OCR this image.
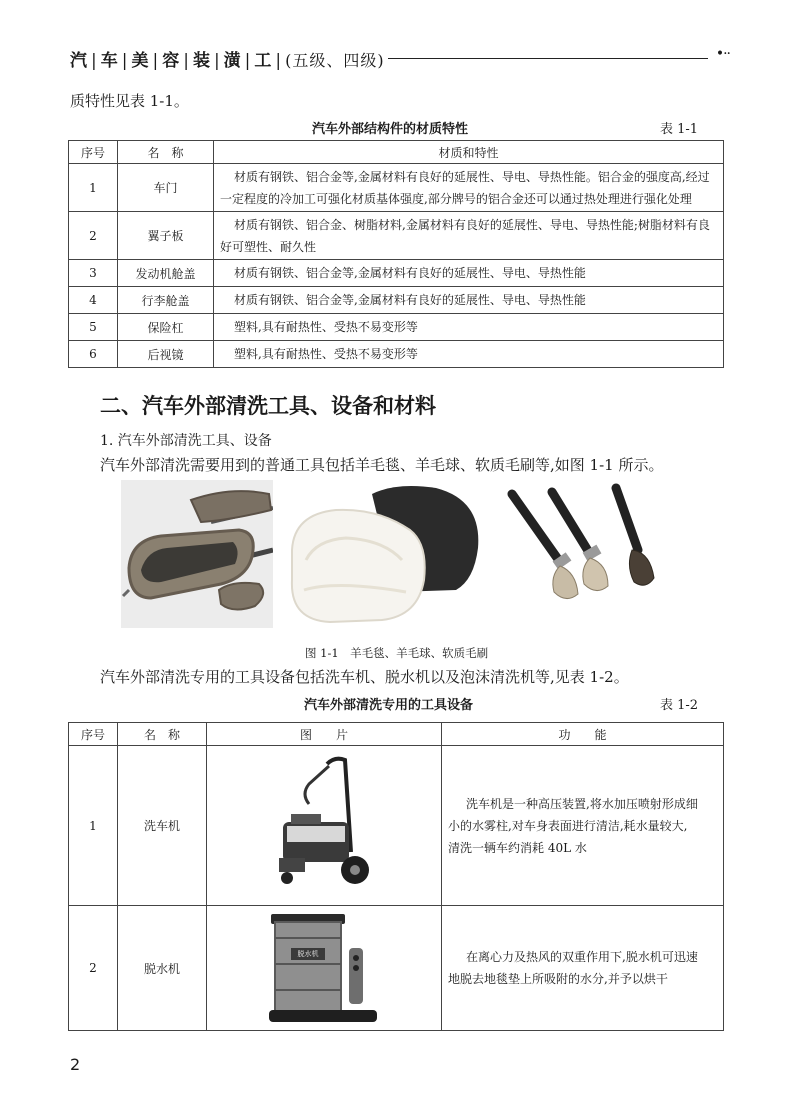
汽 | 车 | 美 | 容 | 装 | 潢 | 工 | (五级、四级)	•··
质特性见表 1-1。
汽车外部结构件的材质特性	表 1-1
序号	名　称	材质和特性
1	车门	材质有钢铁、铝合金等,金属材料有良好的延展性、导电、导热性能。铝合金的强度高,经过
一定程度的冷加工可强化材质基体强度,部分牌号的铝合金还可以通过热处理进行强化处理

2	翼子板	材质有钢铁、铝合金、树脂材料,金属材料有良好的延展性、导电、导热性能;树脂材料有良
好可塑性、耐久性

3	发动机舱盖	材质有钢铁、铝合金等,金属材料有良好的延展性、导电、导热性能
4	行李舱盖	材质有钢铁、铝合金等,金属材料有良好的延展性、导电、导热性能
5	保险杠	塑料,具有耐热性、受热不易变形等
6	后视镜	塑料,具有耐热性、受热不易变形等
二、汽车外部清洗工具、设备和材料
1. 汽车外部清洗工具、设备
汽车外部清洗需要用到的普通工具包括羊毛毯、羊毛球、软质毛刷等,如图 1-1 所示。
图 1-1　羊毛毯、羊毛球、软质毛刷
汽车外部清洗专用的工具设备包括洗车机、脱水机以及泡沫清洗机等,见表 1-2。
汽车外部清洗专用的工具设备	表 1-2
序号	名　称	图　　片	功　　能
1	洗车机		洗车机是一种高压装置,将水加压喷射形成细
小的水雾柱,对车身表面进行清洁,耗水量较大,
清洗一辆车约消耗 40L 水

2	脱水机	脱水机	在离心力及热风的双重作用下,脱水机可迅速
地脱去地毯垫上所吸附的水分,并予以烘干
2
